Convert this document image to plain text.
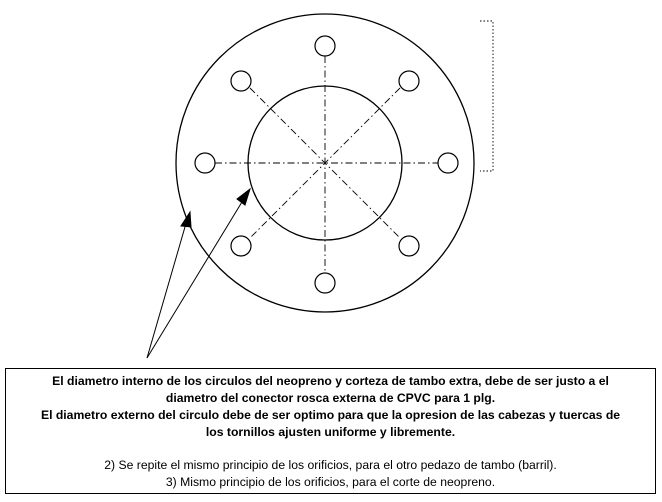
El diametro interno de los circulos del neopreno y corteza de tambo extra, debe de ser justo a el
diametro del conector rosca externa de CPVC para 1 plg.
El diametro externo del circulo debe de ser optimo para que la opresion de las cabezas y tuercas de
los tornillos ajusten uniforme y libremente.
2) Se repite el mismo principio de los orificios, para el otro pedazo de tambo (barril).
3) Mismo principio de los orificios, para el corte de neopreno.
